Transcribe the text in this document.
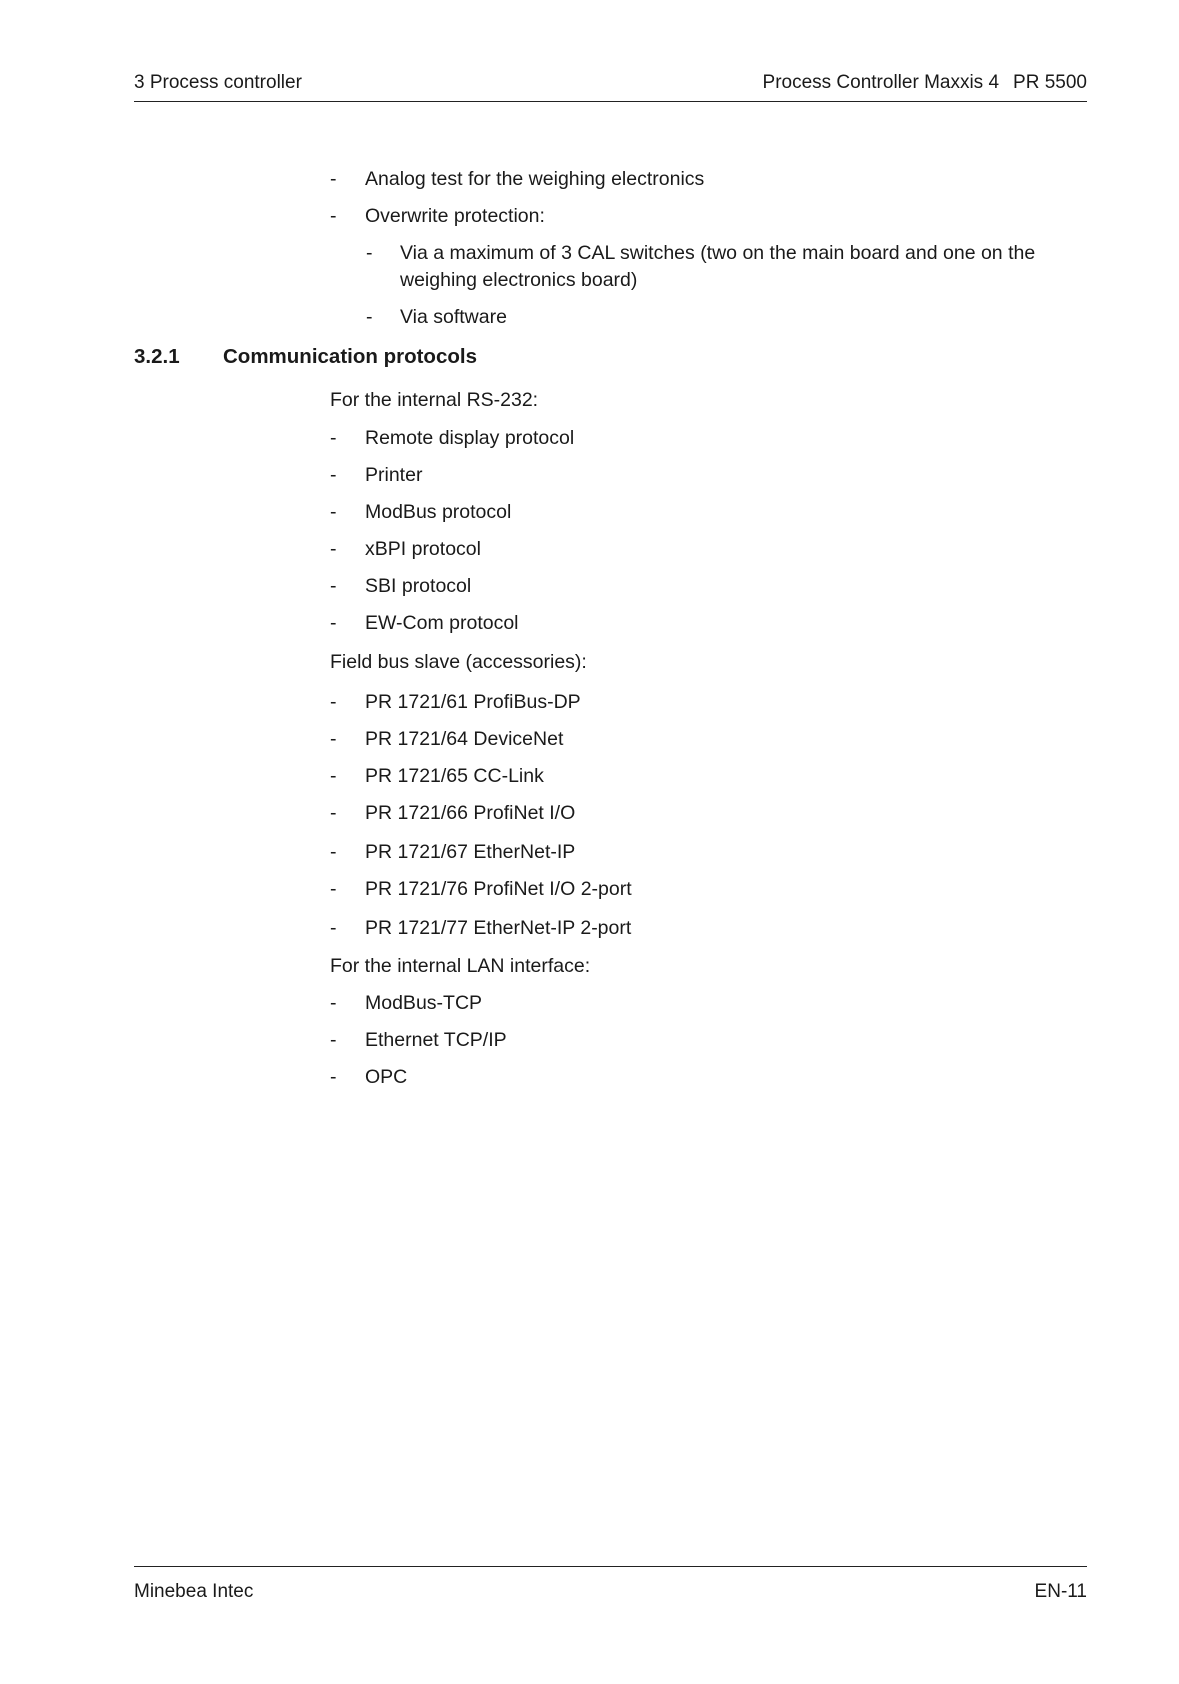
3 Process controller	Process Controller Maxxis 4 PR 5500
- Analog test for the weighing electronics
- Overwrite protection:
- Via a maximum of 3 CAL switches (two on the main board and one on the
weighing electronics board)
- Via software
3.2.1 Communication protocols
For the internal RS-232:
- Remote display protocol
- Printer
- ModBus protocol
- xBPI protocol
- SBI protocol
- EW-Com protocol
Field bus slave (accessories):
- PR 1721/61 ProfiBus-DP
- PR 1721/64 DeviceNet
- PR 1721/65 CC-Link
- PR 1721/66 ProfiNet I/O
- PR 1721/67 EtherNet-IP
- PR 1721/76 ProfiNet I/O 2-port
- PR 1721/77 EtherNet-IP 2-port
For the internal LAN interface:
- ModBus-TCP
- Ethernet TCP/IP
- OPC
Minebea Intec	EN-11
